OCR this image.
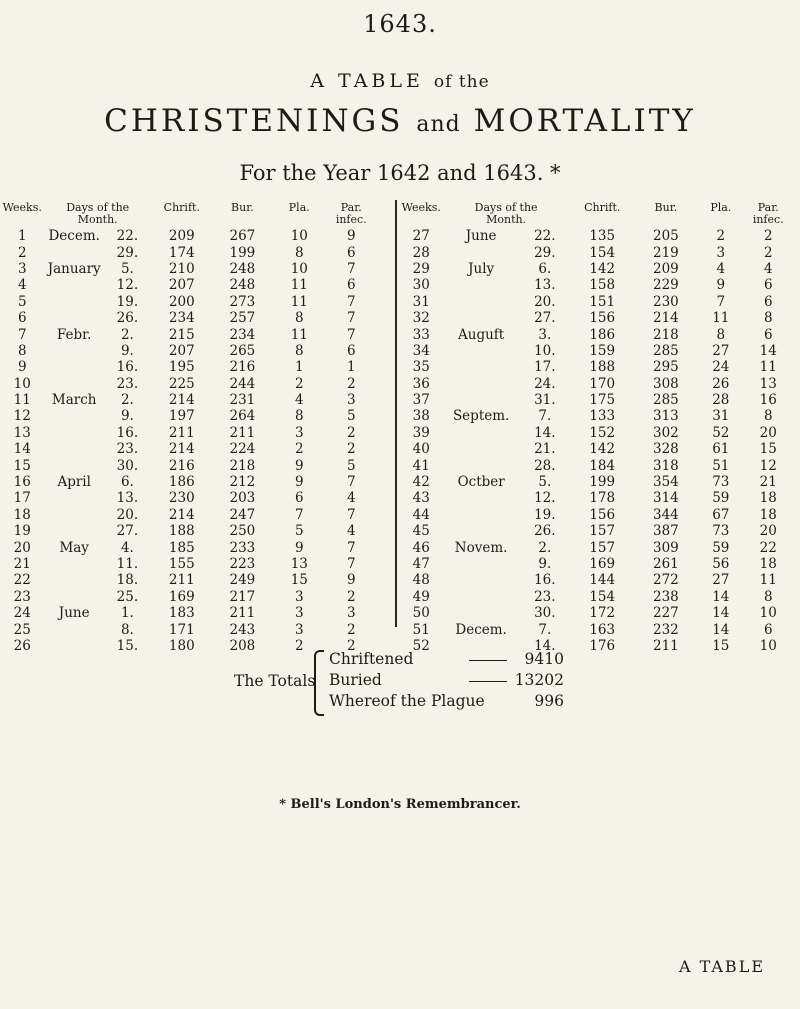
1643.
A TABLE of the
CHRISTENINGS and MORTALITY
For the Year 1642 and 1643. *
Weeks.	Days of the
Month.		Chrift.	Bur.	Pla.	Par.
infec.
1	Decem.	22.	209	267	10	9
2		29.	174	199	8	6
3	January	5.	210	248	10	7
4		12.	207	248	11	6
5		19.	200	273	11	7
6		26.	234	257	8	7
7	Febr.	2.	215	234	11	7
8		9.	207	265	8	6
9		16.	195	216	1	1
10		23.	225	244	2	2
11	March	2.	214	231	4	3
12		9.	197	264	8	5
13		16.	211	211	3	2
14		23.	214	224	2	2
15		30.	216	218	9	5
16	April	6.	186	212	9	7
17		13.	230	203	6	4
18		20.	214	247	7	7
19		27.	188	250	5	4
20	May	4.	185	233	9	7
21		11.	155	223	13	7
22		18.	211	249	15	9
23		25.	169	217	3	2
24	June	1.	183	211	3	3
25		8.	171	243	3	2
26		15.	180	208	2	2
Weeks.	Days of the
Month.		Chrift.	Bur.	Pla.	Par.
infec.
27	June	22.	135	205	2	2
28		29.	154	219	3	2
29	July	6.	142	209	4	4
30		13.	158	229	9	6
31		20.	151	230	7	6
32		27.	156	214	11	8
33	Auguft	3.	186	218	8	6
34		10.	159	285	27	14
35		17.	188	295	24	11
36		24.	170	308	26	13
37		31.	175	285	28	16
38	Septem.	7.	133	313	31	8
39		14.	152	302	52	20
40		21.	142	328	61	15
41		28.	184	318	51	12
42	Octber	5.	199	354	73	21
43		12.	178	314	59	18
44		19.	156	344	67	18
45		26.	157	387	73	20
46	Novem.	2.	157	309	59	22
47		9.	169	261	56	18
48		16.	144	272	27	11
49		23.	154	238	14	8
50		30.	172	227	14	10
51	Decem.	7.	163	232	14	6
52		14.	176	211	15	10
The Totals
Chriftened	9410
Buried	13202
Whereof the Plague	996
* Bell's London's Remembrancer.
A TABLE
